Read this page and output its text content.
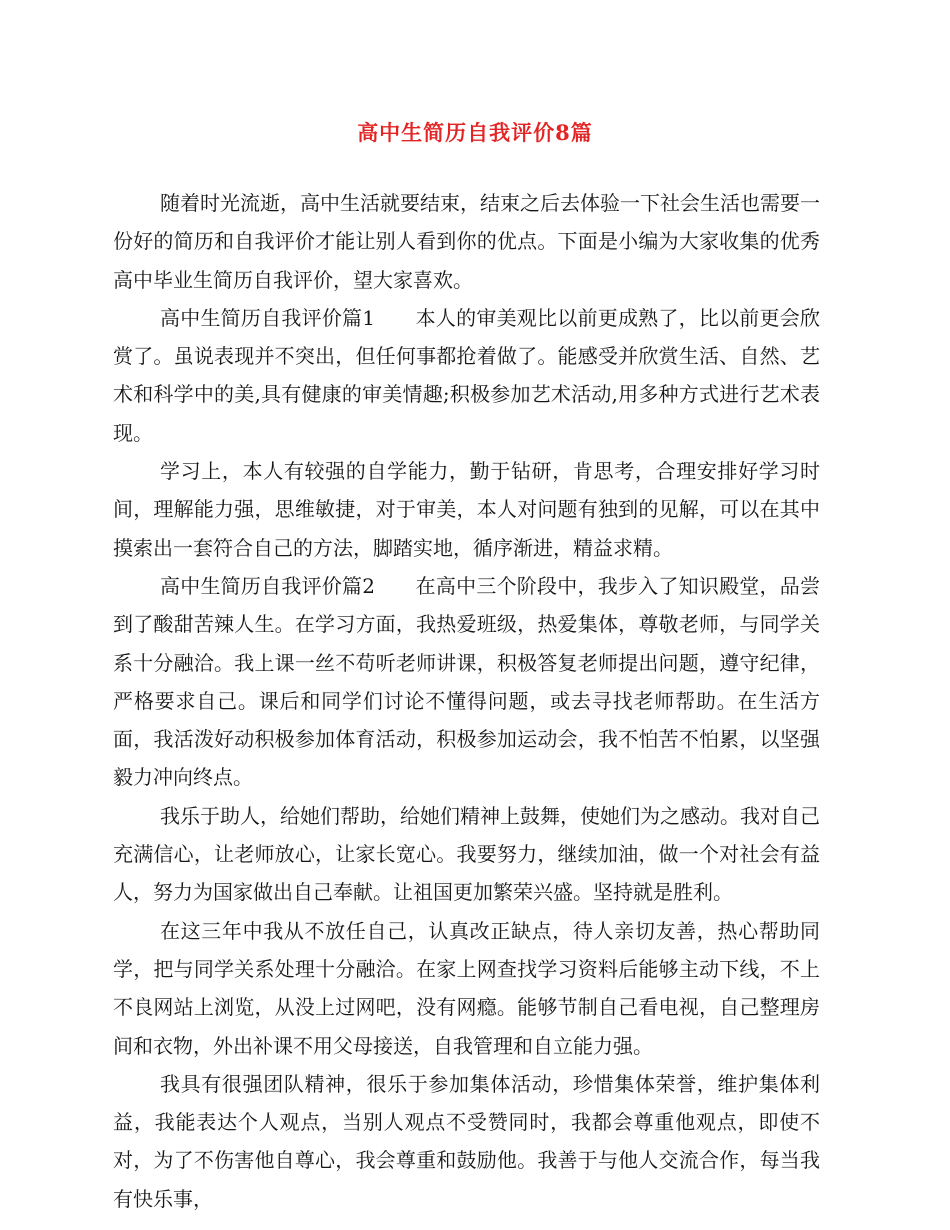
高中生简历自我评价8篇

随着时光流逝，高中生活就要结束，结束之后去体验一下社会生活也需要一份好的简历和自我评价才能让别人看到你的优点。下面是小编为大家收集的优秀高中毕业生简历自我评价，望大家喜欢。

高中生简历自我评价篇1　　本人的审美观比以前更成熟了，比以前更会欣赏了。虽说表现并不突出，但任何事都抢着做了。能感受并欣赏生活、自然、艺术和科学中的美,具有健康的审美情趣;积极参加艺术活动,用多种方式进行艺术表现。

学习上，本人有较强的自学能力，勤于钻研，肯思考，合理安排好学习时间，理解能力强，思维敏捷，对于审美，本人对问题有独到的见解，可以在其中摸索出一套符合自己的方法，脚踏实地，循序渐进，精益求精。

高中生简历自我评价篇2　　在高中三个阶段中，我步入了知识殿堂，品尝到了酸甜苦辣人生。在学习方面，我热爱班级，热爱集体，尊敬老师，与同学关系十分融洽。我上课一丝不苟听老师讲课，积极答复老师提出问题，遵守纪律，严格要求自己。课后和同学们讨论不懂得问题，或去寻找老师帮助。在生活方面，我活泼好动积极参加体育活动，积极参加运动会，我不怕苦不怕累，以坚强毅力冲向终点。

我乐于助人，给她们帮助，给她们精神上鼓舞，使她们为之感动。我对自己充满信心，让老师放心，让家长宽心。我要努力，继续加油，做一个对社会有益人，努力为国家做出自己奉献。让祖国更加繁荣兴盛。坚持就是胜利。

在这三年中我从不放任自己，认真改正缺点，待人亲切友善，热心帮助同学，把与同学关系处理十分融洽。在家上网查找学习资料后能够主动下线，不上不良网站上浏览，从没上过网吧，没有网瘾。能够节制自己看电视，自己整理房间和衣物，外出补课不用父母接送，自我管理和自立能力强。

我具有很强团队精神，很乐于参加集体活动，珍惜集体荣誉，维护集体利益，我能表达个人观点，当别人观点不受赞同时，我都会尊重他观点，即使不对，为了不伤害他自尊心，我会尊重和鼓励他。我善于与他人交流合作，每当我有快乐事，
